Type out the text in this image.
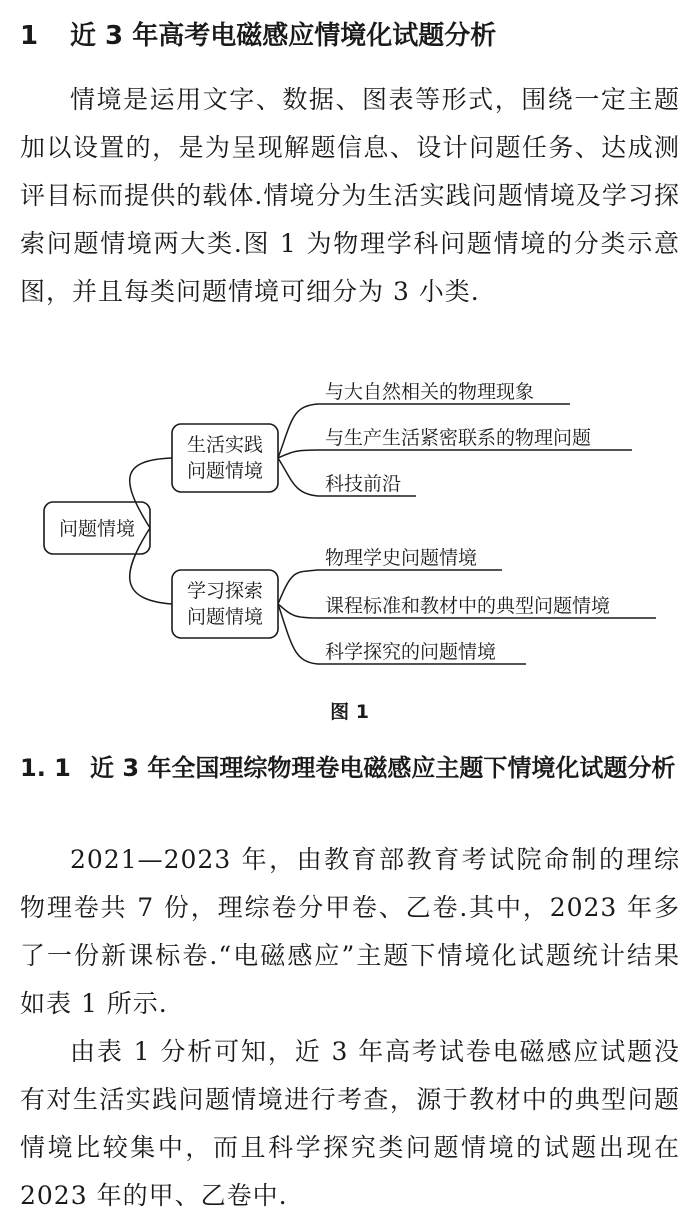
1 近 3 年高考电磁感应情境化试题分析
情境是运用文字、数据、图表等形式，围绕一定主题加以设置的，是为呈现解题信息、设计问题任务、达成测评目标而提供的载体.情境分为生活实践问题情境及学习探索问题情境两大类.图 1 为物理学科问题情境的分类示意图，并且每类问题情境可细分为 3 小类.
问题情境
生活实践
问题情境
与大自然相关的物理现象
与生产生活紧密联系的物理问题
科技前沿
学习探索
问题情境
物理学史问题情境
课程标准和教材中的典型问题情境
科学探究的问题情境
图 1
1. 1 近 3 年全国理综物理卷电磁感应主题下情境化试题分析
2021—2023 年，由教育部教育考试院命制的理综物理卷共 7 份，理综卷分甲卷、乙卷.其中，2023 年多了一份新课标卷.“电磁感应”主题下情境化试题统计结果如表 1 所示.
由表 1 分析可知，近 3 年高考试卷电磁感应试题没有对生活实践问题情境进行考查，源于教材中的典型问题情境比较集中，而且科学探究类问题情境的试题出现在 2023 年的甲、乙卷中.
